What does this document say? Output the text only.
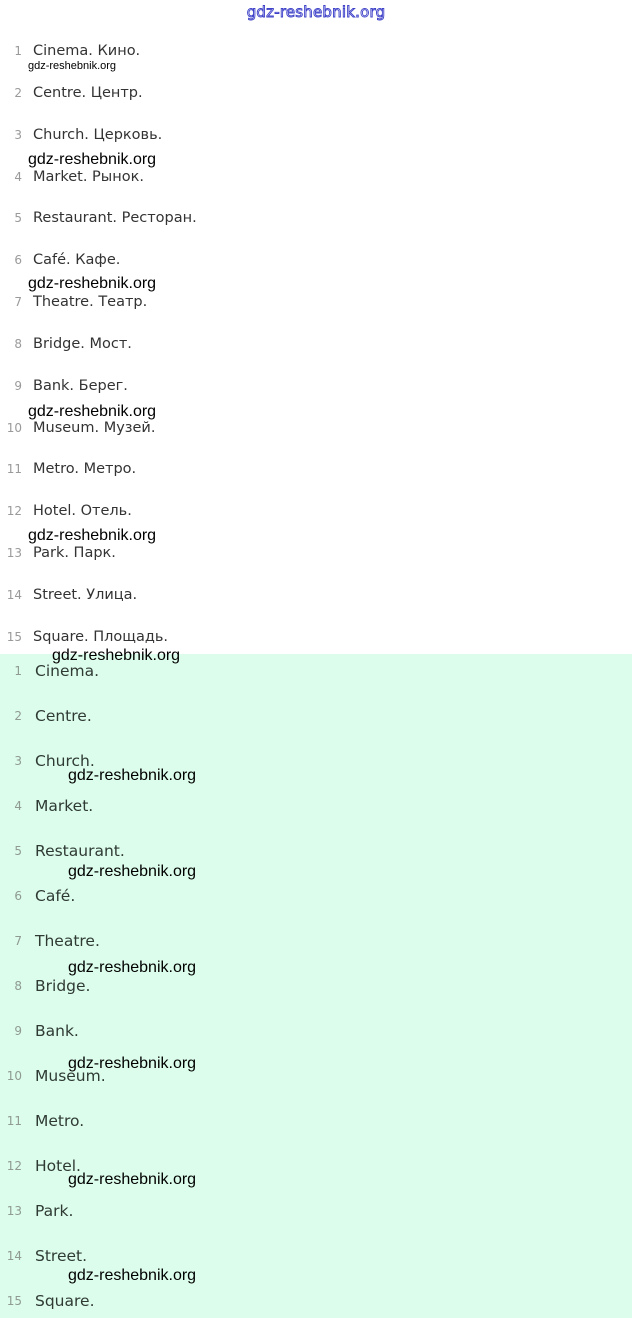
gdz-reshebnik.org
1 Cinema. Кино.
2 Centre. Центр.
3 Church. Церковь.
4 Market. Рынок.
5 Restaurant. Ресторан.
6 Café. Кафе.
7 Theatre. Театр.
8 Bridge. Мост.
9 Bank. Берег.
10 Museum. Музей.
11 Metro. Метро.
12 Hotel. Отель.
13 Park. Парк.
14 Street. Улица.
15 Square. Площадь.
1 Cinema.
2 Centre.
3 Church.
4 Market.
5 Restaurant.
6 Café.
7 Theatre.
8 Bridge.
9 Bank.
10 Museum.
11 Metro.
12 Hotel.
13 Park.
14 Street.
15 Square.
gdz-reshebnik.org
gdz-reshebnik.org
gdz-reshebnik.org
gdz-reshebnik.org
gdz-reshebnik.org
gdz-reshebnik.org
gdz-reshebnik.org
gdz-reshebnik.org
gdz-reshebnik.org
gdz-reshebnik.org
gdz-reshebnik.org
gdz-reshebnik.org
